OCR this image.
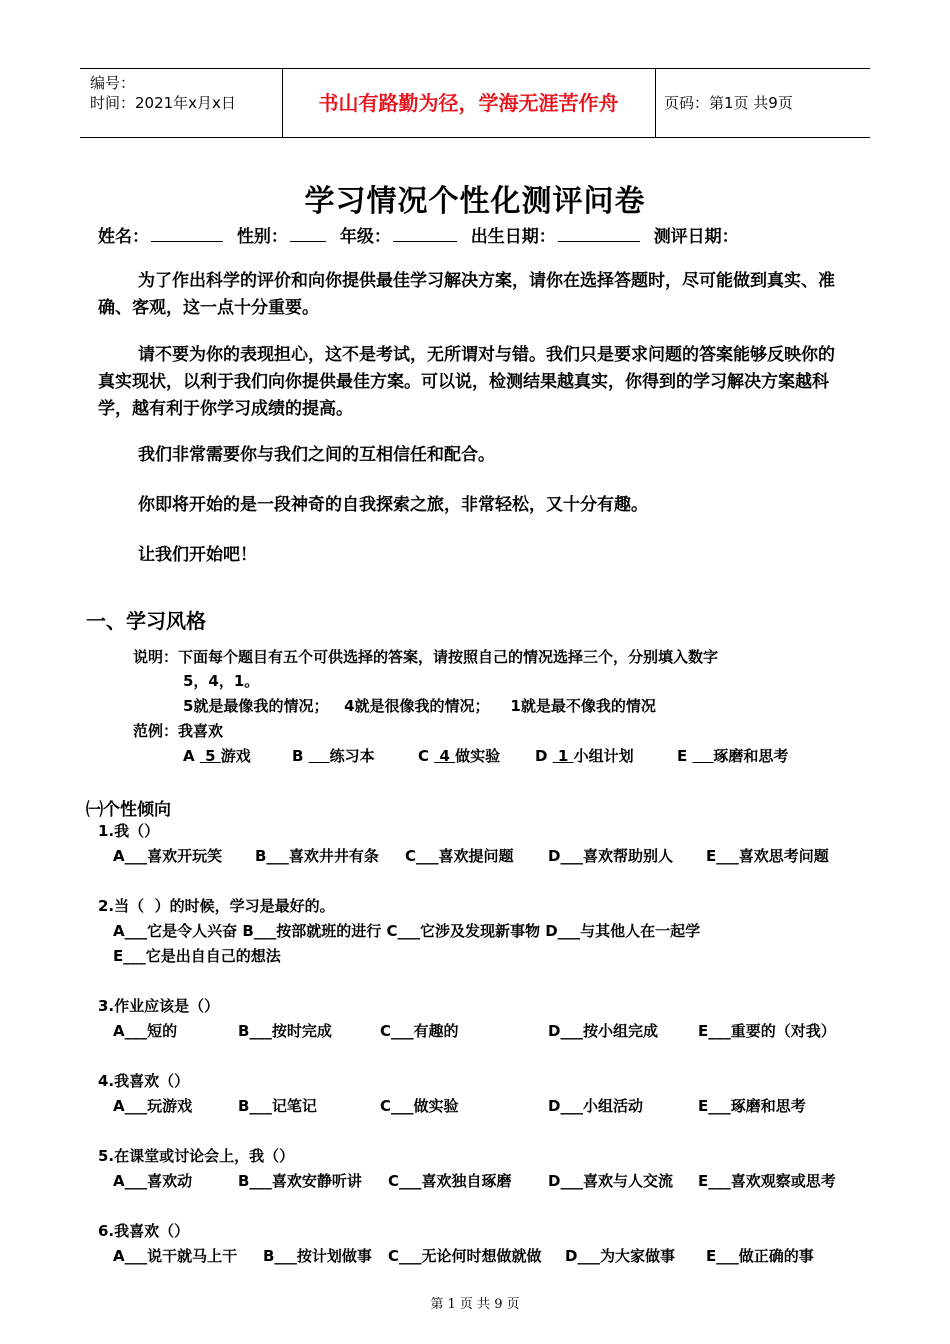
编号：
时间：2021年x月x日	书山有路勤为径，学海无涯苦作舟	页码：第1页 共9页
学习情况个性化测评问卷
姓名：	性别：	年级：	出生日期：	测评日期：
为了作出科学的评价和向你提供最佳学习解决方案，请你在选择答题时，尽可能做到真实、准确、客观，这一点十分重要。
请不要为你的表现担心，这不是考试，无所谓对与错。我们只是要求问题的答案能够反映你的真实现状，以利于我们向你提供最佳方案。可以说，检测结果越真实，你得到的学习解决方案越科学，越有利于你学习成绩的提高。
我们非常需要你与我们之间的互相信任和配合。
你即将开始的是一段神奇的自我探索之旅，非常轻松，又十分有趣。
让我们开始吧！
一、学习风格
说明：下面每个题目有五个可供选择的答案，请按照自己的情况选择三个，分别填入数字
5，4，1。
5就是最像我的情况；   4就是很像我的情况；    1就是最不像我的情况
范例：我喜欢
A 5 游戏	B 练习本	C 4 做实验 D 1 小组计划	E 琢磨和思考
㈠个性倾向
1.我（）
A___喜欢开玩笑 B___喜欢井井有条 C___喜欢提问题 D___喜欢帮助别人 E___喜欢思考问题
2.当（  ）的时候，学习是最好的。
A___它是令人兴奋 B___按部就班的进行 C___它涉及发现新事物 D___与其他人在一起学
E___它是出自自己的想法
3.作业应该是（）
A___短的	B___按时完成	C___有趣的	D___按小组完成	E___重要的（对我）
4.我喜欢（）
A___玩游戏	B___记笔记	C___做实验	D___小组活动	E___琢磨和思考
5.在课堂或讨论会上，我（）
A___喜欢动	B___喜欢安静听讲 C___喜欢独自琢磨 D___喜欢与人交流 E___喜欢观察或思考
6.我喜欢（）
A___说干就马上干 B___按计划做事 C___无论何时想做就做 D___为大家做事 E___做正确的事
第 1 页 共 9 页
